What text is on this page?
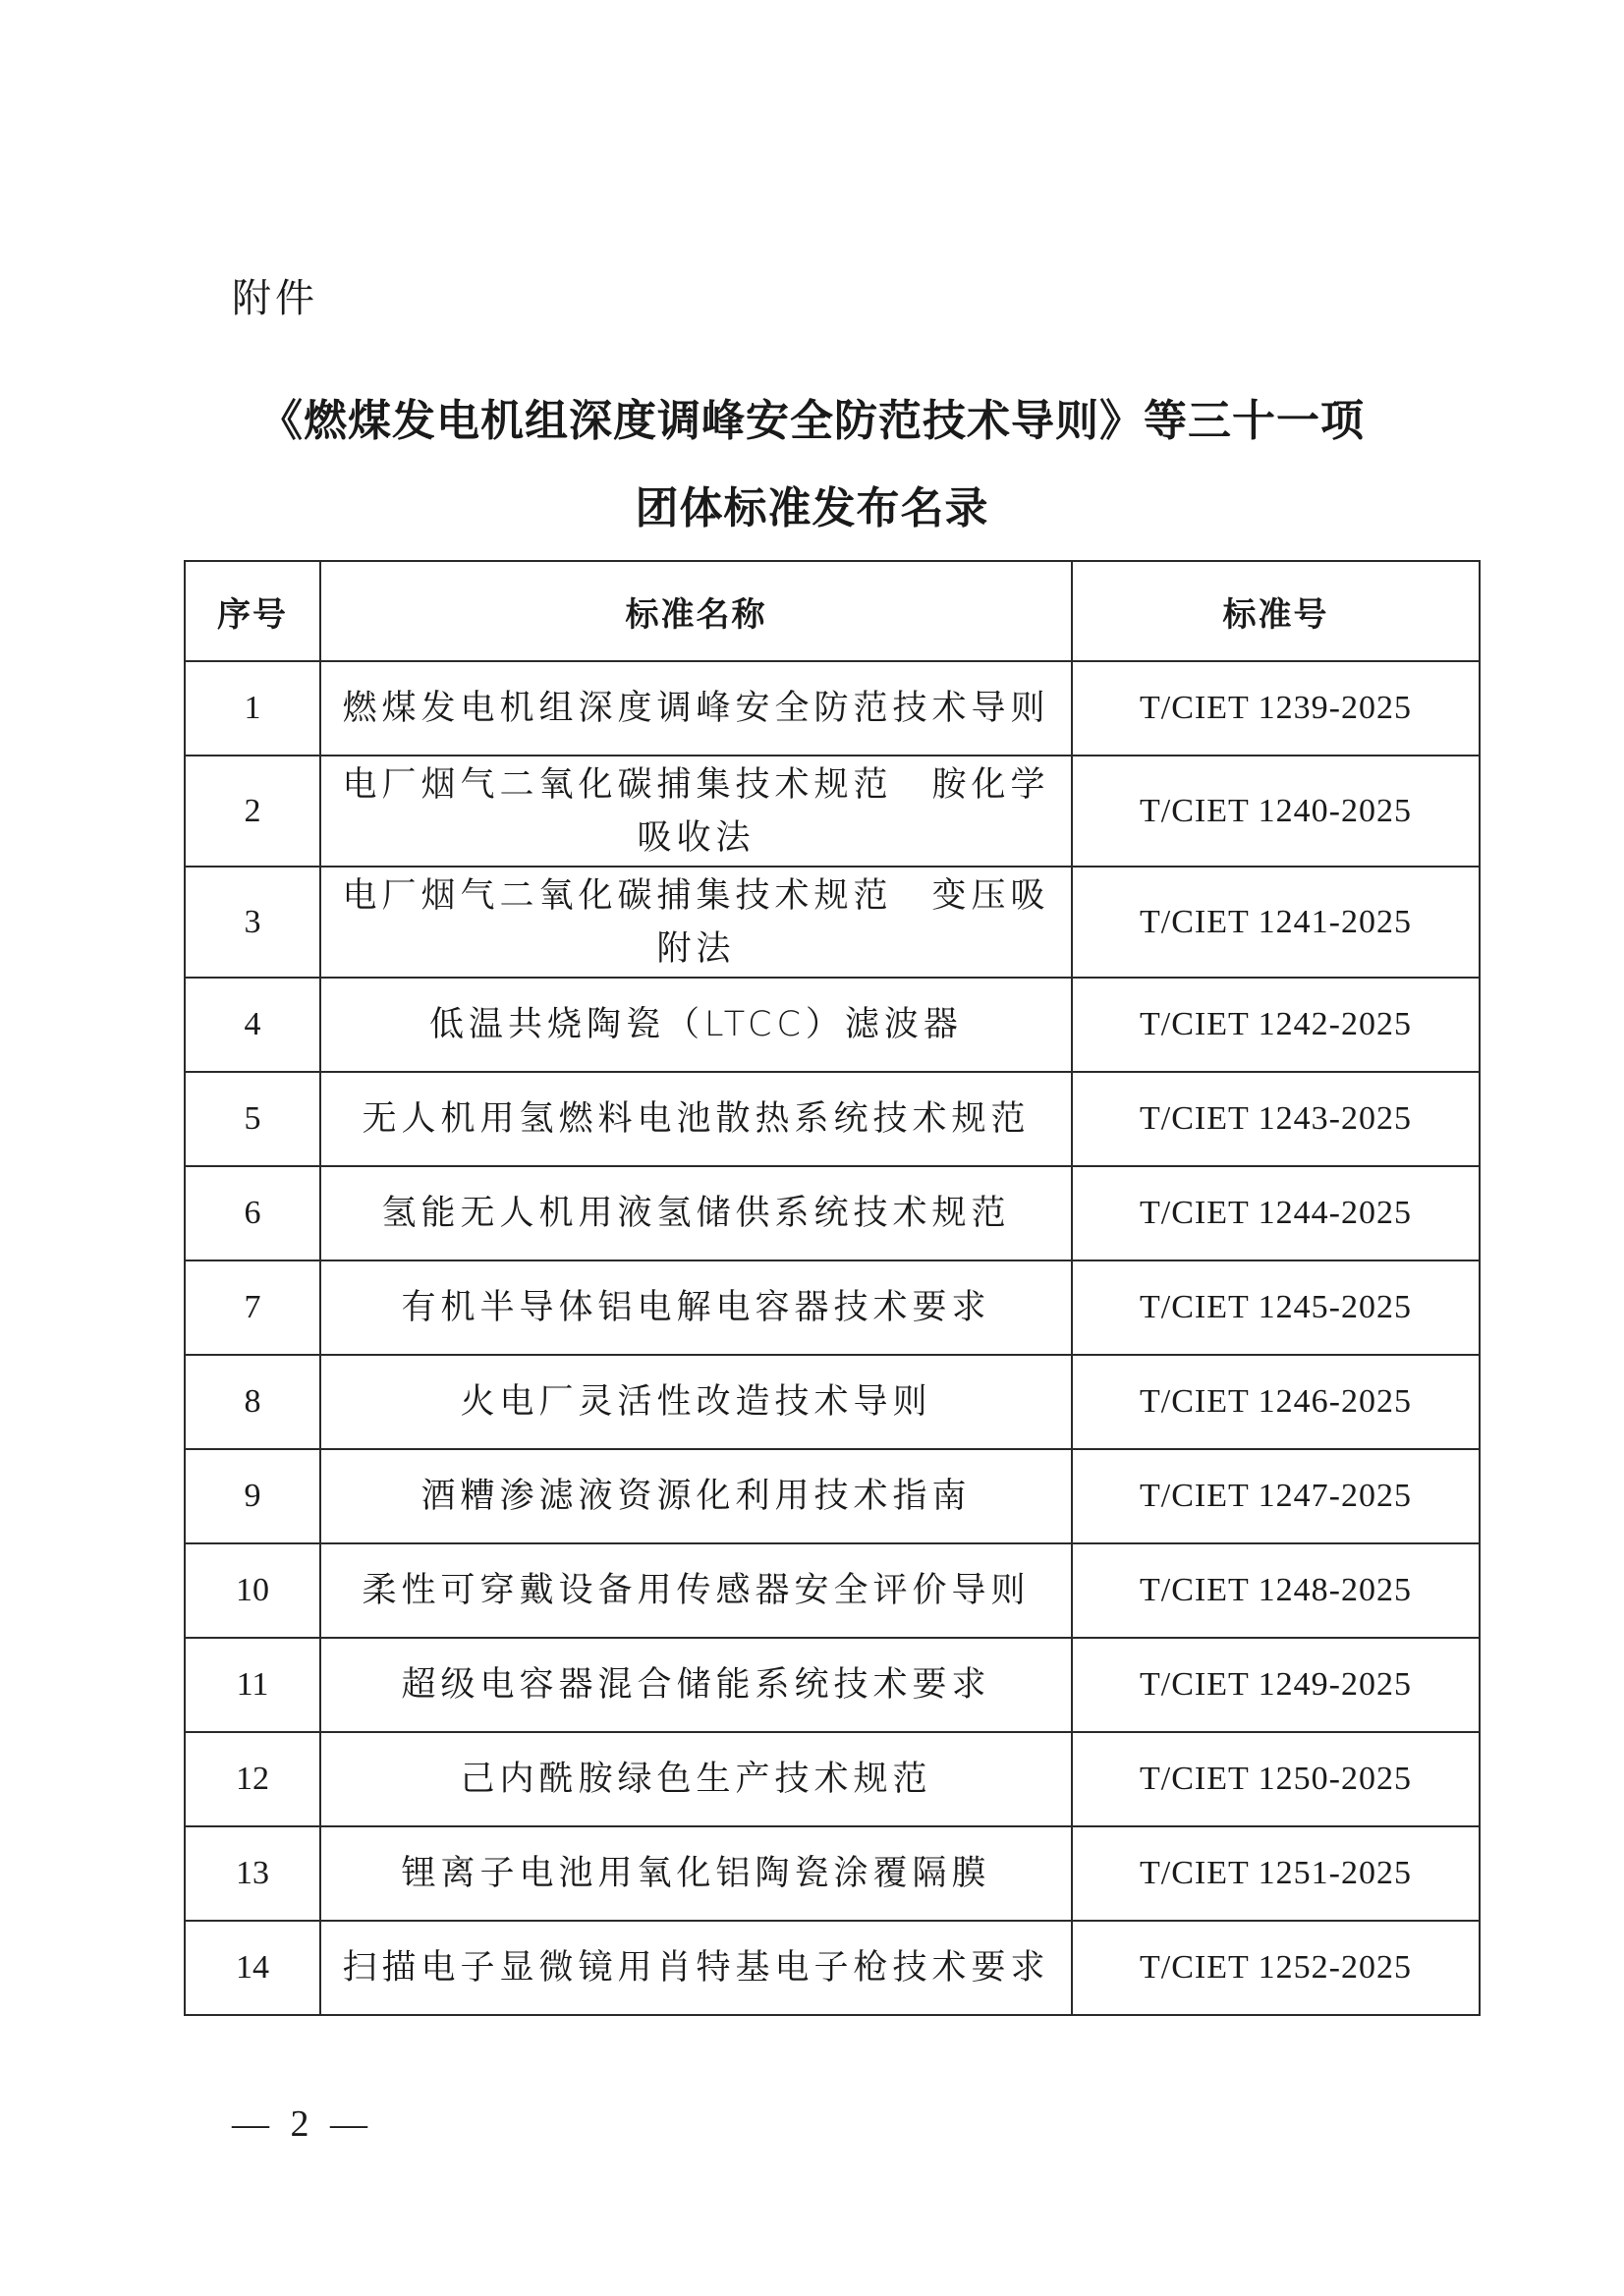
附件
《燃煤发电机组深度调峰安全防范技术导则》等三十一项
团体标准发布名录
序号	标准名称	标准号
1	燃煤发电机组深度调峰安全防范技术导则	T/CIET 1239-2025
2	电厂烟气二氧化碳捕集技术规范　胺化学吸收法	T/CIET 1240-2025
3	电厂烟气二氧化碳捕集技术规范　变压吸附法	T/CIET 1241-2025
4	低温共烧陶瓷（LTCC）滤波器	T/CIET 1242-2025
5	无人机用氢燃料电池散热系统技术规范	T/CIET 1243-2025
6	氢能无人机用液氢储供系统技术规范	T/CIET 1244-2025
7	有机半导体铝电解电容器技术要求	T/CIET 1245-2025
8	火电厂灵活性改造技术导则	T/CIET 1246-2025
9	酒糟渗滤液资源化利用技术指南	T/CIET 1247-2025
10	柔性可穿戴设备用传感器安全评价导则	T/CIET 1248-2025
11	超级电容器混合储能系统技术要求	T/CIET 1249-2025
12	己内酰胺绿色生产技术规范	T/CIET 1250-2025
13	锂离子电池用氧化铝陶瓷涂覆隔膜	T/CIET 1251-2025
14	扫描电子显微镜用肖特基电子枪技术要求	T/CIET 1252-2025
— 2 —
